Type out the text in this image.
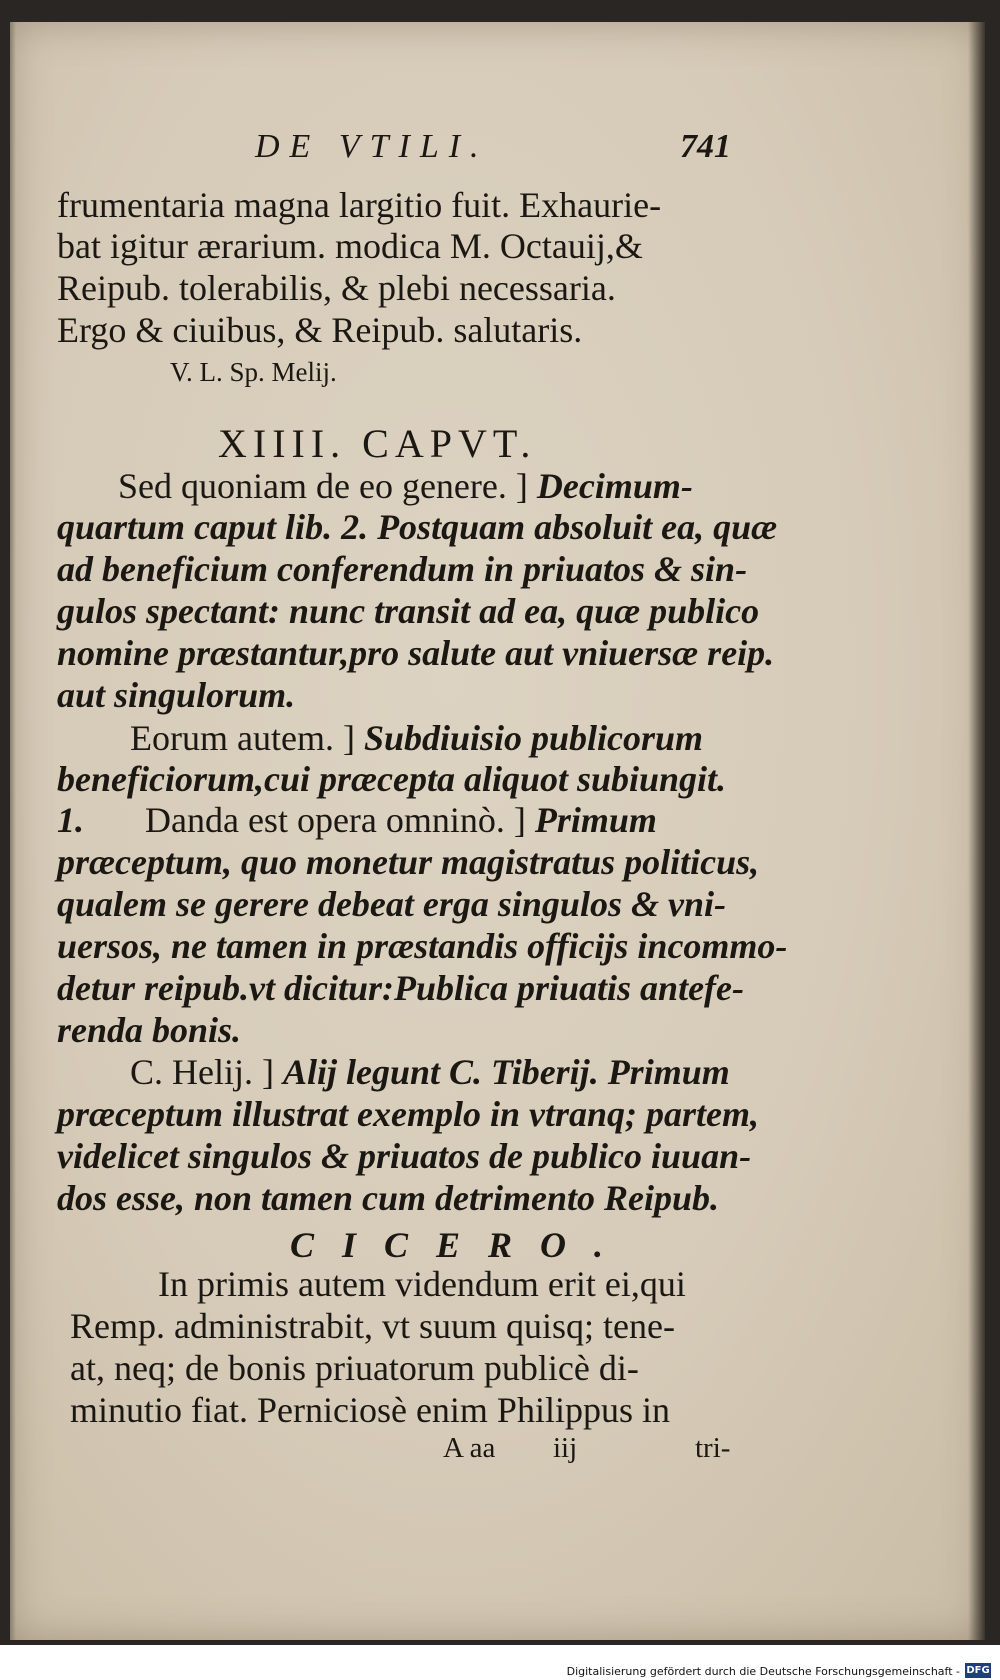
DE VTILI.	741
frumentaria magna largitio fuit. Exhaurie-
bat igitur ærarium. modica M. Octauij,&
Reipub. tolerabilis, & plebi necessaria.
Ergo & ciuibus, & Reipub. salutaris.
V. L. Sp. Melij.
XIIII. CAPVT.
Sed quoniam de eo genere. ] Decimum-
quartum caput lib. 2. Postquam absoluit ea, quæ
ad beneficium conferendum in priuatos & sin-
gulos spectant: nunc transit ad ea, quæ publico
nomine præstantur,pro salute aut vniuersæ reip.
aut singulorum.
Eorum autem. ] Subdiuisio publicorum
beneficiorum,cui præcepta aliquot subiungit.
1. Danda est opera omninò. ] Primum
præceptum, quo monetur magistratus politicus,
qualem se gerere debeat erga singulos & vni-
uersos, ne tamen in præstandis officijs incommo-
detur reipub.vt dicitur:Publica priuatis antefe-
renda bonis.
C. Helij. ] Alij legunt C. Tiberij. Primum
præceptum illustrat exemplo in vtranq; partem,
videlicet singulos & priuatos de publico iuuan-
dos esse, non tamen cum detrimento Reipub.
CICERO.
In primis autem videndum erit ei,qui
Remp. administrabit, vt suum quisq; tene-
at, neq; de bonis priuatorum publicè di-
minutio fiat. Perniciosè enim Philippus in
A aa iij	tri-
Digitalisierung gefördert durch die Deutsche Forschungsgemeinschaft - DFG
